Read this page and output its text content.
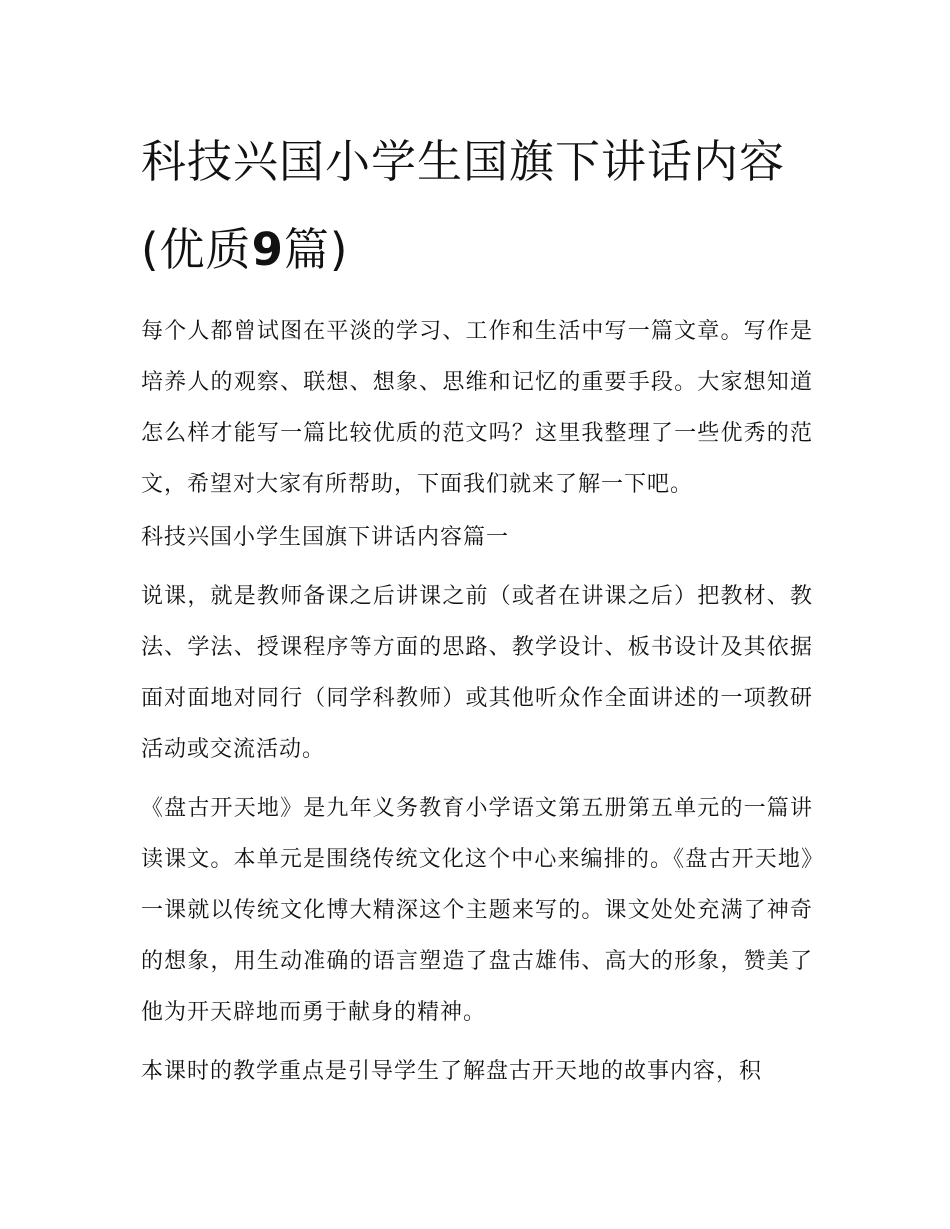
科技兴国小学生国旗下讲话内容(优质9篇)

每个人都曾试图在平淡的学习、工作和生活中写一篇文章。写作是培养人的观察、联想、想象、思维和记忆的重要手段。大家想知道怎么样才能写一篇比较优质的范文吗？这里我整理了一些优秀的范文，希望对大家有所帮助，下面我们就来了解一下吧。

科技兴国小学生国旗下讲话内容篇一

说课，就是教师备课之后讲课之前（或者在讲课之后）把教材、教法、学法、授课程序等方面的思路、教学设计、板书设计及其依据面对面地对同行（同学科教师）或其他听众作全面讲述的一项教研活动或交流活动。

《盘古开天地》是九年义务教育小学语文第五册第五单元的一篇讲读课文。本单元是围绕传统文化这个中心来编排的。《盘古开天地》一课就以传统文化博大精深这个主题来写的。课文处处充满了神奇的想象，用生动准确的语言塑造了盘古雄伟、高大的形象，赞美了他为开天辟地而勇于献身的精神。

本课时的教学重点是引导学生了解盘古开天地的故事内容，积
